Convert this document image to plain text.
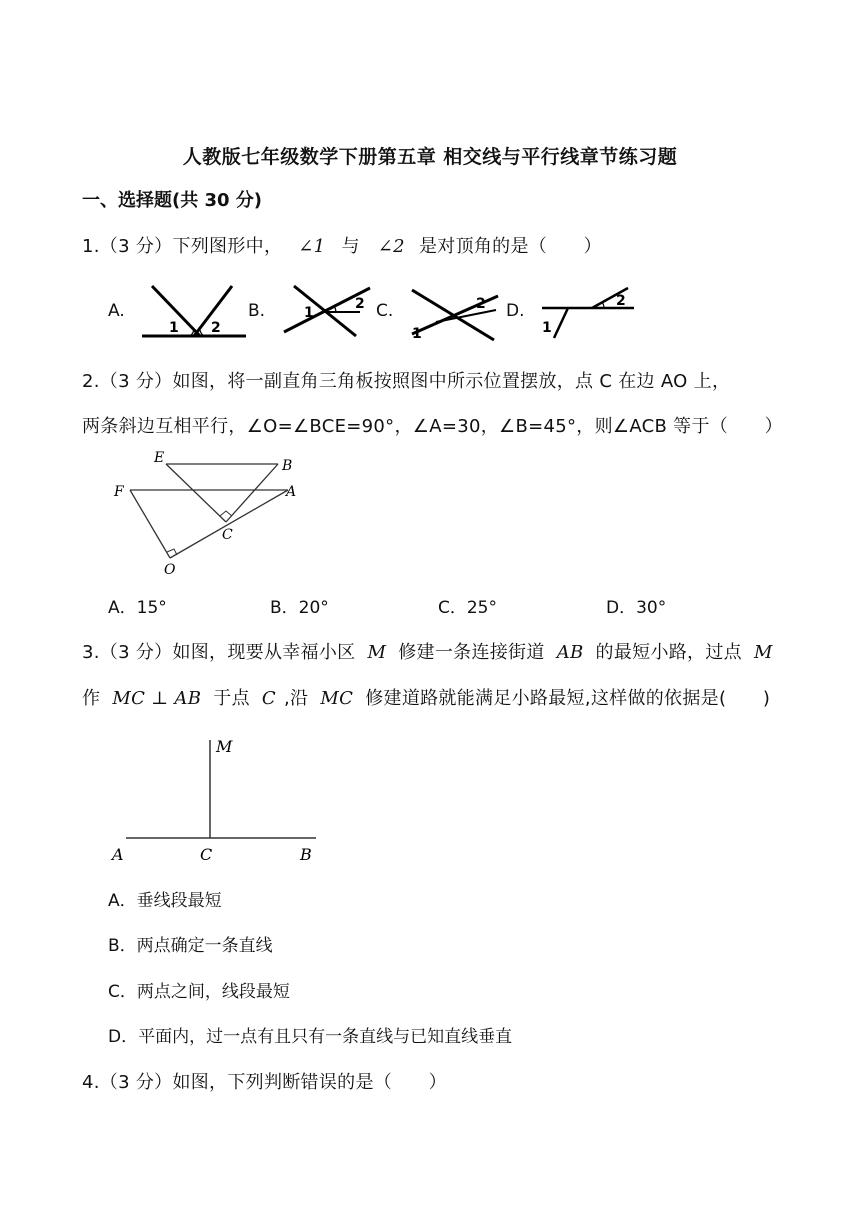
人教版七年级数学下册第五章 相交线与平行线章节练习题
一、选择题(共 30 分)
1.（3 分）下列图形中， ∠1 与 ∠2 是对顶角的是（　　）
A.	B.	C.	D.
1 2
1
2
1
2
1
2
2.（3 分）如图，将一副直角三角板按照图中所示位置摆放，点 C 在边 AO 上，
两条斜边互相平行，∠O=∠BCE=90°，∠A=30，∠B=45°，则∠ACB 等于（　　）
E	B
F	A
C
O
A．15°	B．20°	C．25°	D．30°
3.（3 分）如图，现要从幸福小区 M 修建一条连接街道 AB 的最短小路，过点 M
作 MC ⊥ AB 于点 C ,沿 MC 修建道路就能满足小路最短,这样做的依据是(　　)
M
A	C	B
A．垂线段最短
B．两点确定一条直线
C．两点之间，线段最短
D．平面内，过一点有且只有一条直线与已知直线垂直
4.（3 分）如图，下列判断错误的是（　　）
